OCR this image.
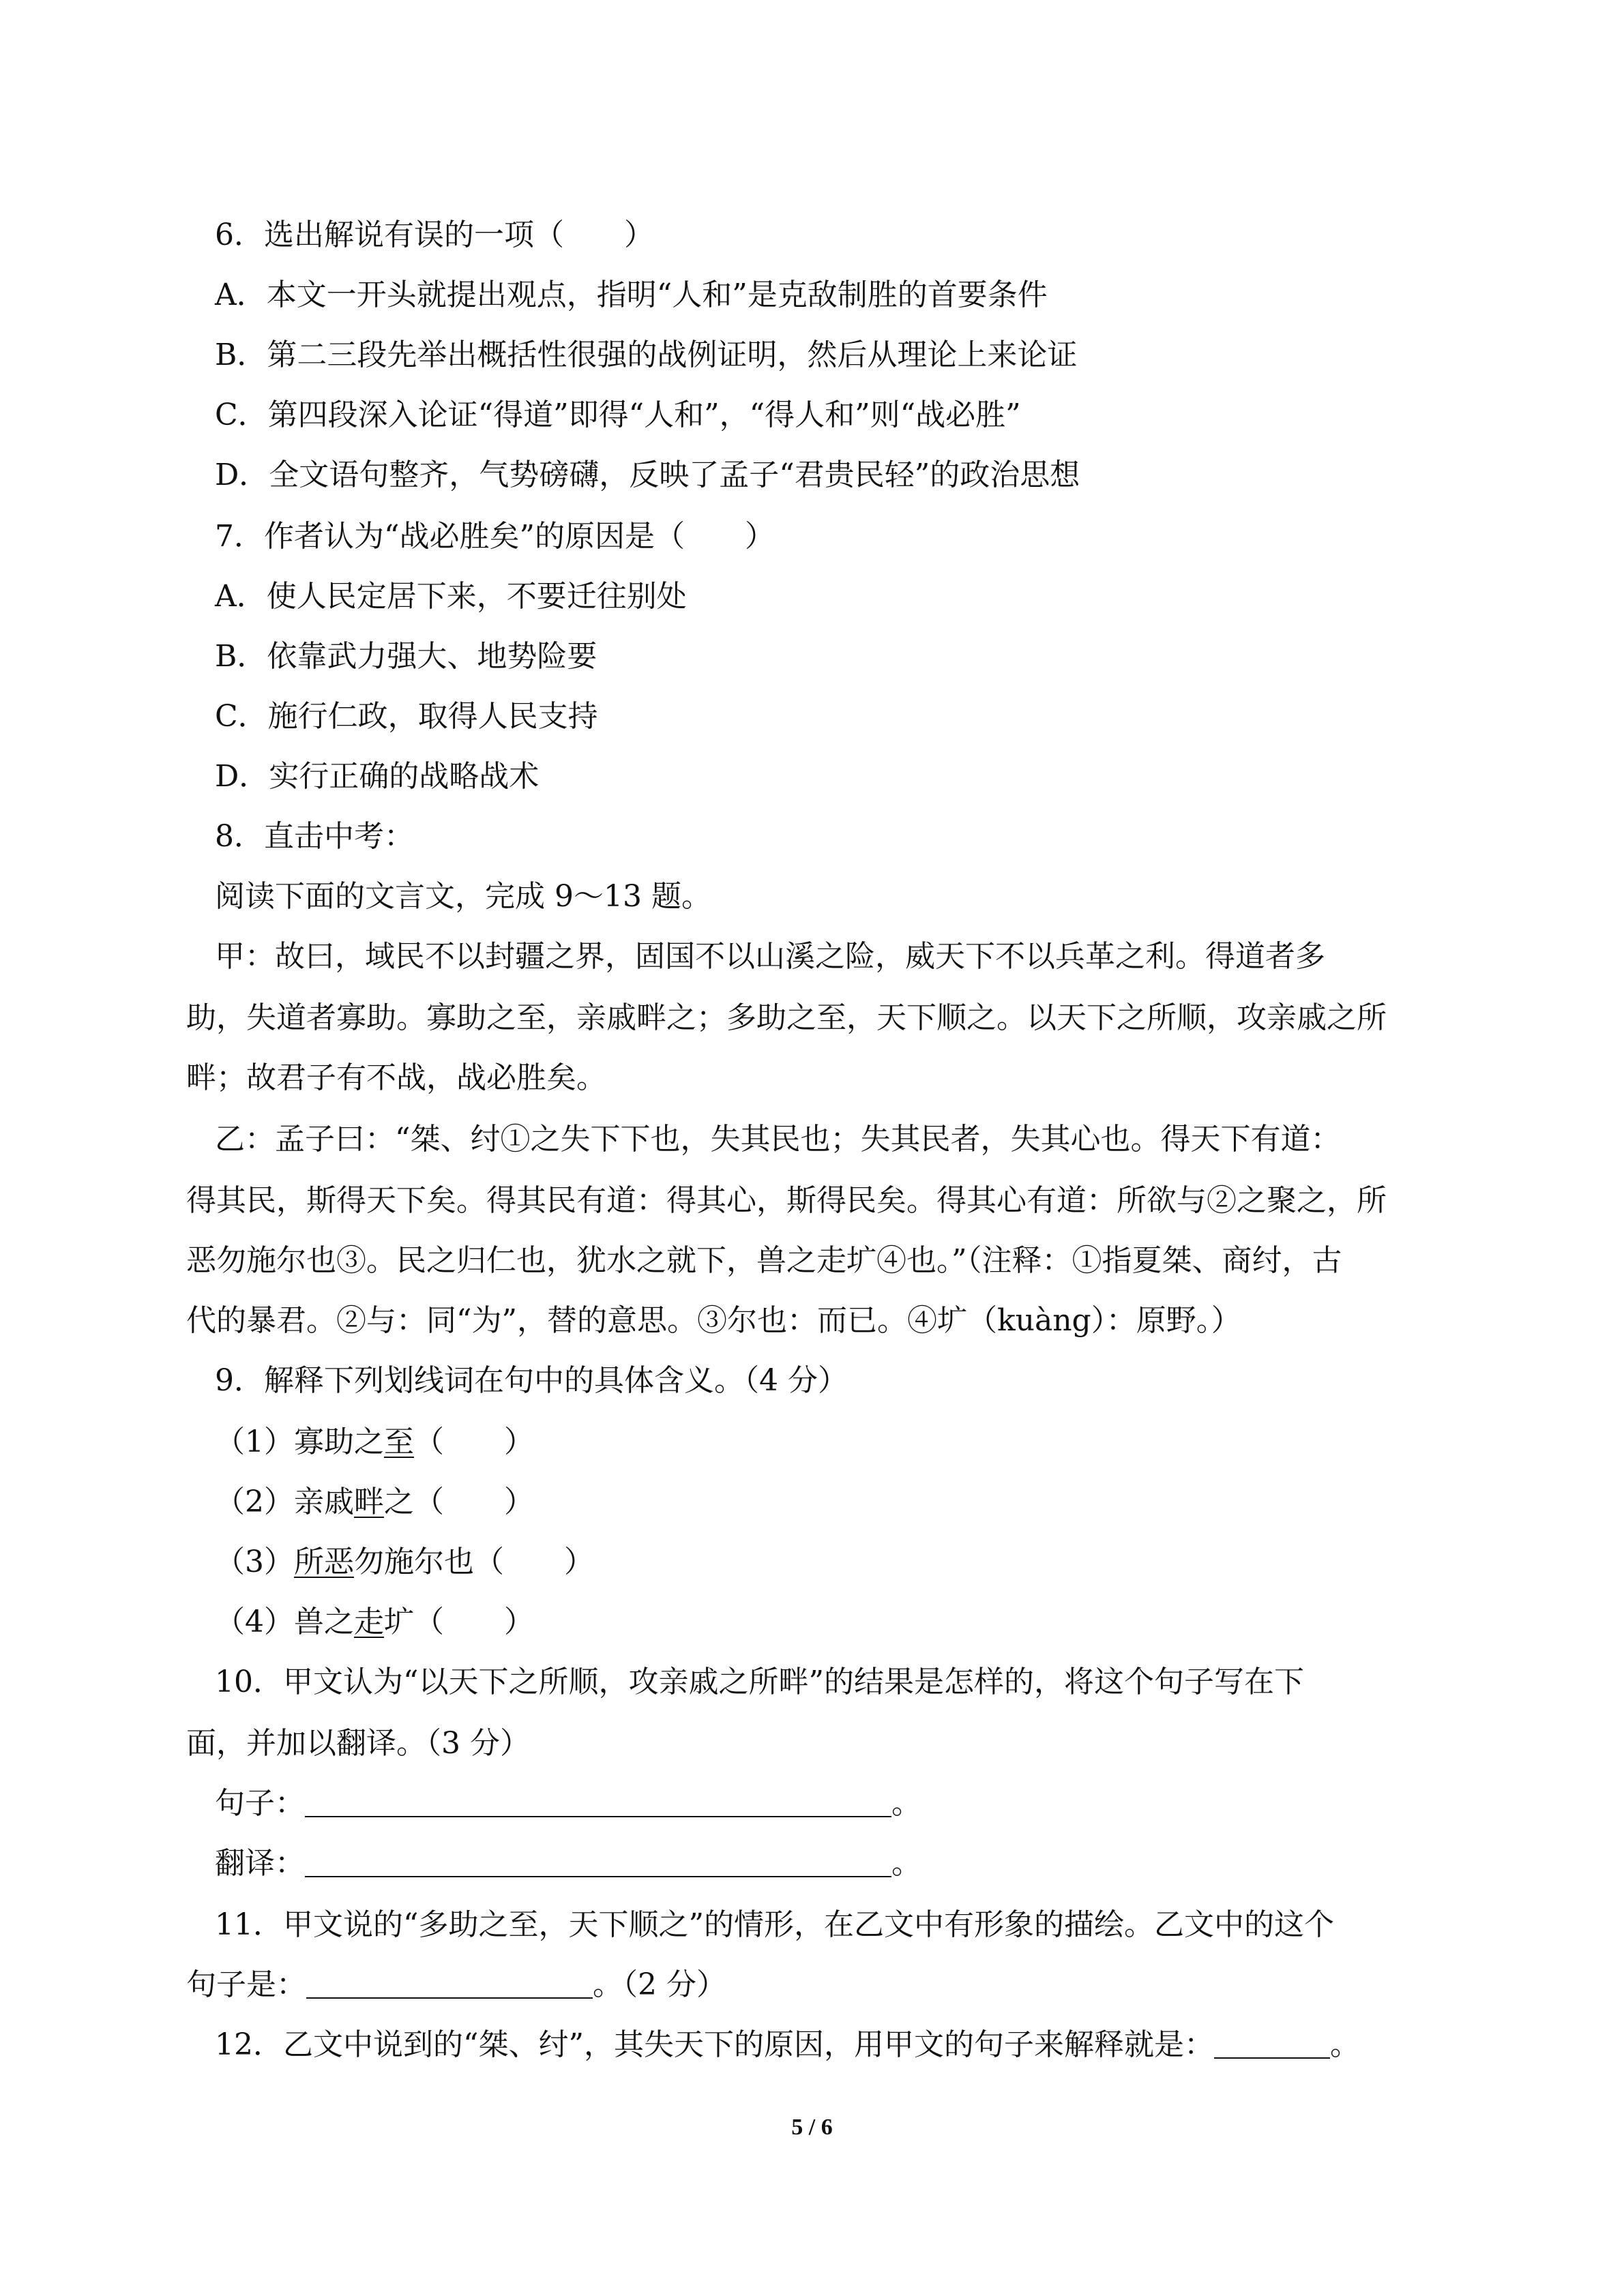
6．选出解说有误的一项（　　）
A．本文一开头就提出观点，指明“人和”是克敌制胜的首要条件
B．第二三段先举出概括性很强的战例证明，然后从理论上来论证
C．第四段深入论证“得道”即得“人和”，“得人和”则“战必胜”
D．全文语句整齐，气势磅礴，反映了孟子“君贵民轻”的政治思想
7．作者认为“战必胜矣”的原因是（　　）
A．使人民定居下来，不要迁往别处
B．依靠武力强大、地势险要
C．施行仁政，取得人民支持
D．实行正确的战略战术
8．直击中考：
阅读下面的文言文，完成 9～13 题。
甲：故曰，域民不以封疆之界，固国不以山溪之险，威天下不以兵革之利。得道者多
助，失道者寡助。寡助之至，亲戚畔之；多助之至，天下顺之。以天下之所顺，攻亲戚之所
畔；故君子有不战，战必胜矣。
乙：孟子曰：“桀、纣①之失下下也，失其民也；失其民者，失其心也。得天下有道：
得其民，斯得天下矣。得其民有道：得其心，斯得民矣。得其心有道：所欲与②之聚之，所
恶勿施尔也③。民之归仁也，犹水之就下，兽之走圹④也。”（注释：①指夏桀、商纣，古
代的暴君。②与：同“为”，替的意思。③尔也：而已。④圹（kuàng）：原野。）
9．解释下列划线词在句中的具体含义。（4 分）
（1）寡助之至（　　）
（2）亲戚畔之（　　）
（3）所恶勿施尔也（　　）
（4）兽之走圹（　　）
10．甲文认为“以天下之所顺，攻亲戚之所畔”的结果是怎样的，将这个句子写在下
面，并加以翻译。（3 分）
句子：	。
翻译：	。
11．甲文说的“多助之至，天下顺之”的情形，在乙文中有形象的描绘。乙文中的这个
句子是：	。（2 分）
12．乙文中说到的“桀、纣”，其失天下的原因，用甲文的句子来解释就是：	。
5 / 6
